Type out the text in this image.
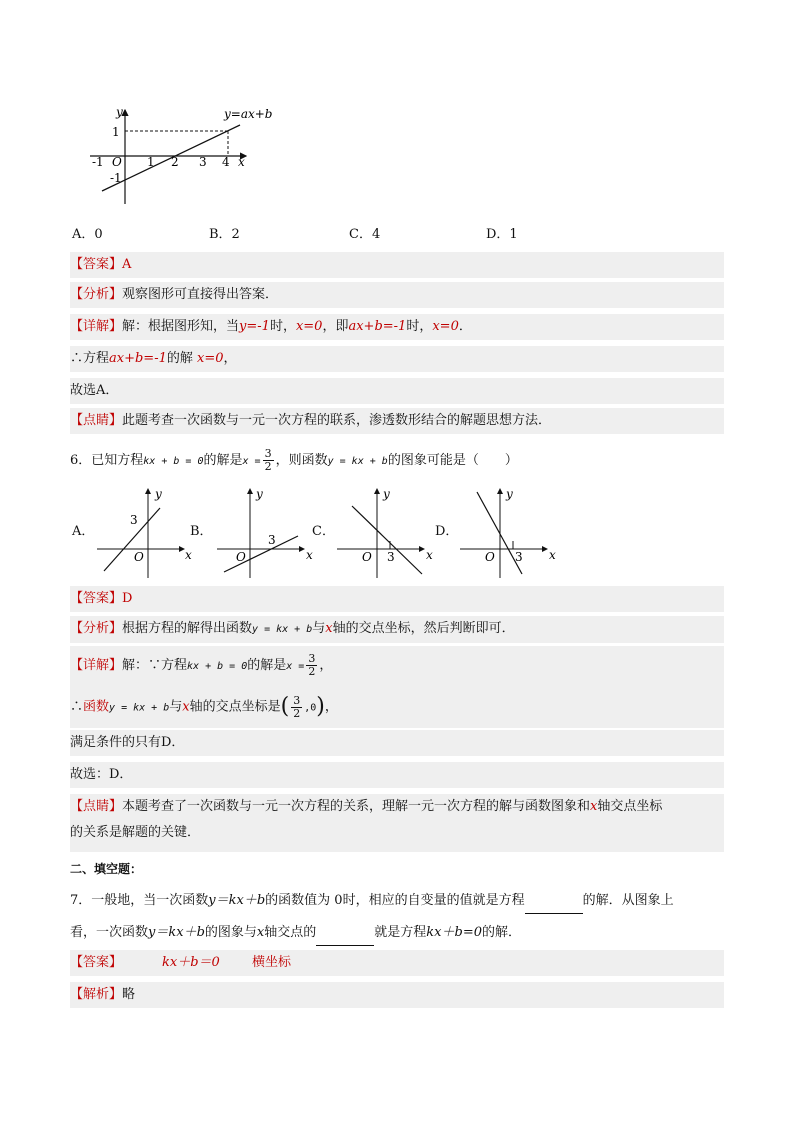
y=ax+b
y
x
O
1
-1
-1	1 2 3 4
A．0	B．2	C．4	D．1
【答案】A
【分析】观察图形可直接得出答案．
【详解】解：根据图形知，当y=-1时，x=0，即ax+b=-1时，x=0．
∴方程ax+b=-1的解 x=0，
故选A．
【点睛】此题考查一次函数与一元一次方程的联系，渗透数形结合的解题思想方法．
6．已知方程kx + b = 0的解是$x = \frac{3}{2}$ ，则函数y = kx + b的图象可能是（　　）
A．
y
x
O
3
B．
y
x
O
3
C．
y
x
O 3
D．
y
x
O 3
【答案】D
【分析】根据方程的解得出函数y = kx + b与x轴的交点坐标，然后判断即可．
【详解】解：∵方程kx + b = 0的解是$x = \frac{3}{2}$ ，
∴函数y = kx + b与x轴的交点坐标是( $\frac{3}{2} ,0$)，
满足条件的只有D．
故选：D．
【点睛】本题考查了一次函数与一元一次方程的关系，理解一元一次方程的解与函数图象和x轴交点坐标
的关系是解题的关键．
二、填空题：
7．一般地，当一次函数y＝kx＋b的函数值为 0时，相应的自变量的值就是方程	的解．从图象上
看，一次函数y＝kx＋b的图象与x轴交点的	就是方程kx＋b=0的解．
【答案】	kx＋b＝0 横坐标
【解析】略
